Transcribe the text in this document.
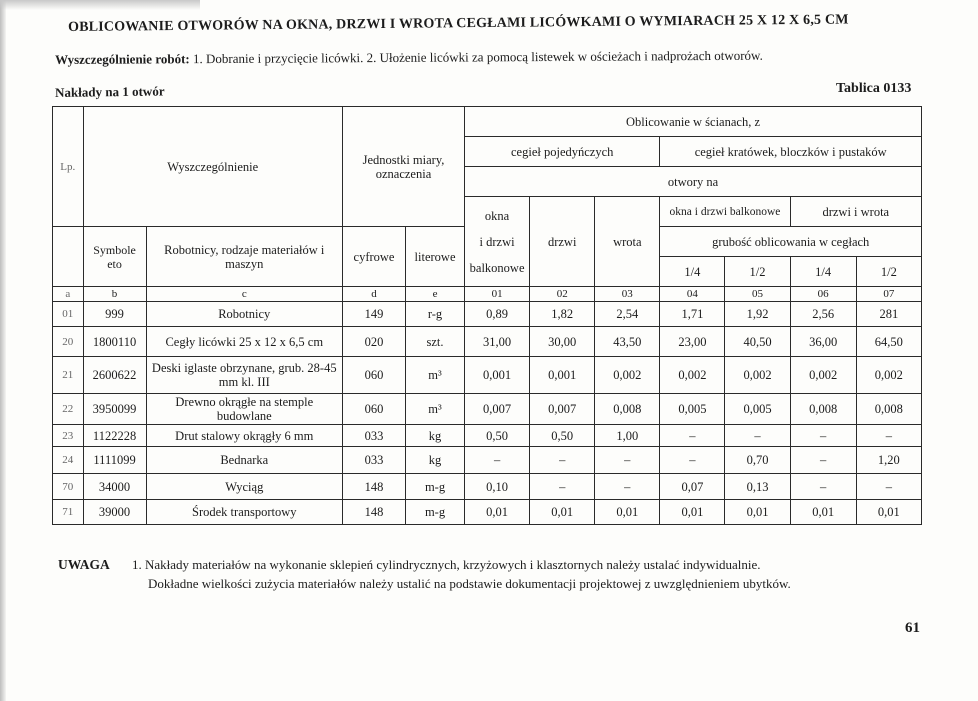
OBLICOWANIE OTWORÓW NA OKNA, DRZWI I WROTA CEGŁAMI LICÓWKAMI O WYMIARACH 25 X 12 X 6,5 CM
Wyszczególnienie robót: 1. Dobranie i przycięcie licówki. 2. Ułożenie licówki za pomocą listewek w ościeżach i nadprożach otworów.
Nakłady na 1 otwór	Tablica 0133
Lp.	Wyszczególnienie		Jednostki miary, oznaczenia		Oblicowanie w ścianach, z						
					cegieł pojedyńczych			cegieł kratówek, bloczków i pustaków			
					otwory na						

					okna
i drzwi
balkonowe	drzwi	wrota	okna i drzwi balkonowe		drzwi i wrota	
	Symbole eto	Robotnicy, rodzaje materiałów i maszyn	cyfrowe	literowe				grubość oblicowania w cegłach			
								1/4	1/2	1/4	1/2
a	b	c	d	e	01	02	03	04	05	06	07
01	999	Robotnicy	149	r-g	0,89	1,82	2,54	1,71	1,92	2,56	281
20	1800110	Cegły licówki 25 x 12 x 6,5 cm	020	szt.	31,00	30,00	43,50	23,00	40,50	36,00	64,50
21	2600622	Deski iglaste obrzynane, grub. 28-45 mm kl. III	060	m³	0,001	0,001	0,002	0,002	0,002	0,002	0,002
22	3950099	Drewno okrągłe na stemple budowlane	060	m³	0,007	0,007	0,008	0,005	0,005	0,008	0,008
23	1122228	Drut stalowy okrągły 6 mm	033	kg	0,50	0,50	1,00	–	–	–	–
24	1111099	Bednarka	033	kg	–	–	–	–	0,70	–	1,20
70	34000	Wyciąg	148	m-g	0,10	–	–	0,07	0,13	–	–
71	39000	Środek transportowy	148	m-g	0,01	0,01	0,01	0,01	0,01	0,01	0,01
UWAGA 1. Nakłady materiałów na wykonanie sklepień cylindrycznych, krzyżowych i klasztornych należy ustalać indywidualnie.
Dokładne wielkości zużycia materiałów należy ustalić na podstawie dokumentacji projektowej z uwzględnieniem ubytków.
61
